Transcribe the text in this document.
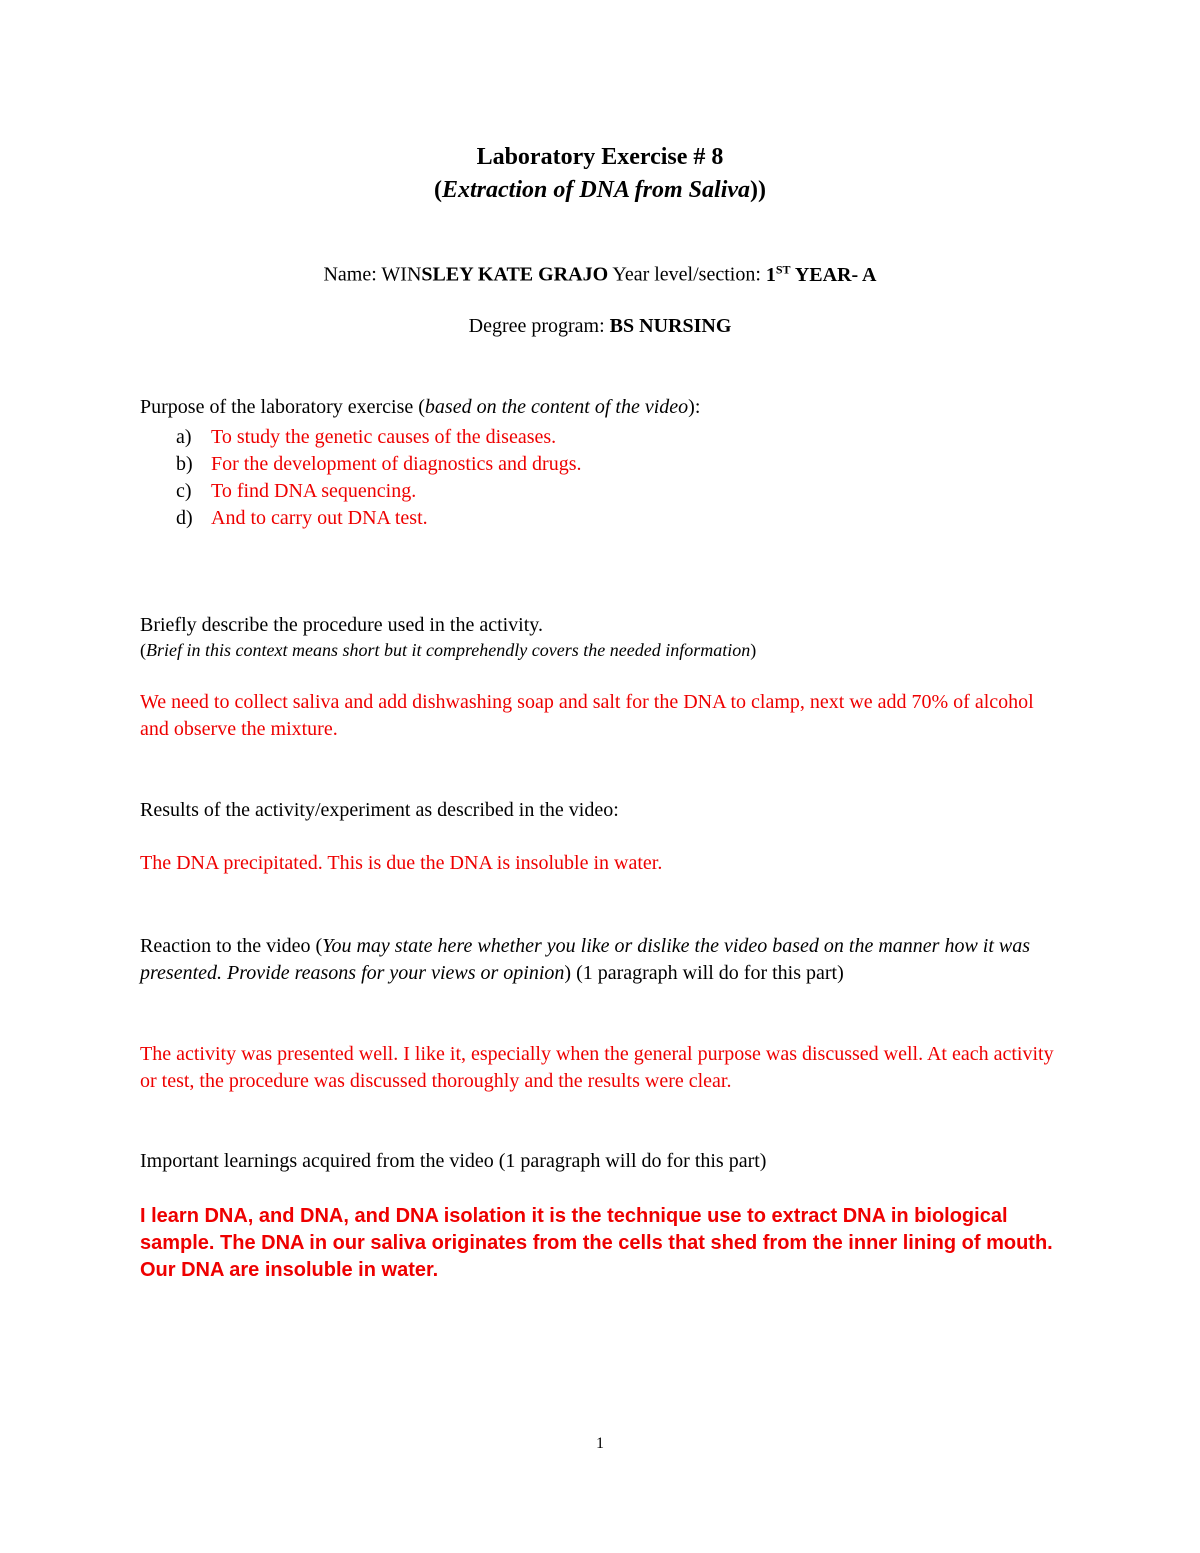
Laboratory Exercise # 8
(Extraction of DNA from Saliva))
Name: WINSLEY KATE GRAJO Year level/section: 1ST YEAR- A
Degree program: BS NURSING
Purpose of the laboratory exercise (based on the content of the video):
a) To study the genetic causes of the diseases.
b) For the development of diagnostics and drugs.
c) To find DNA sequencing.
d) And to carry out DNA test.
Briefly describe the procedure used in the activity.
(Brief in this context means short but it comprehendly covers the needed information)
We need to collect saliva and add dishwashing soap and salt for the DNA to clamp, next we add 70% of alcohol and observe the mixture.
Results of the activity/experiment as described in the video:
The DNA precipitated. This is due the DNA is insoluble in water.
Reaction to the video (You may state here whether you like or dislike the video based on the manner how it was presented. Provide reasons for your views or opinion) (1 paragraph will do for this part)
The activity was presented well. I like it, especially when the general purpose was discussed well. At each activity or test, the procedure was discussed thoroughly and the results were clear.
Important learnings acquired from the video (1 paragraph will do for this part)
I learn DNA, and DNA, and DNA isolation it is the technique use to extract DNA in biological sample. The DNA in our saliva originates from the cells that shed from the inner lining of mouth. Our DNA are insoluble in water.
1
